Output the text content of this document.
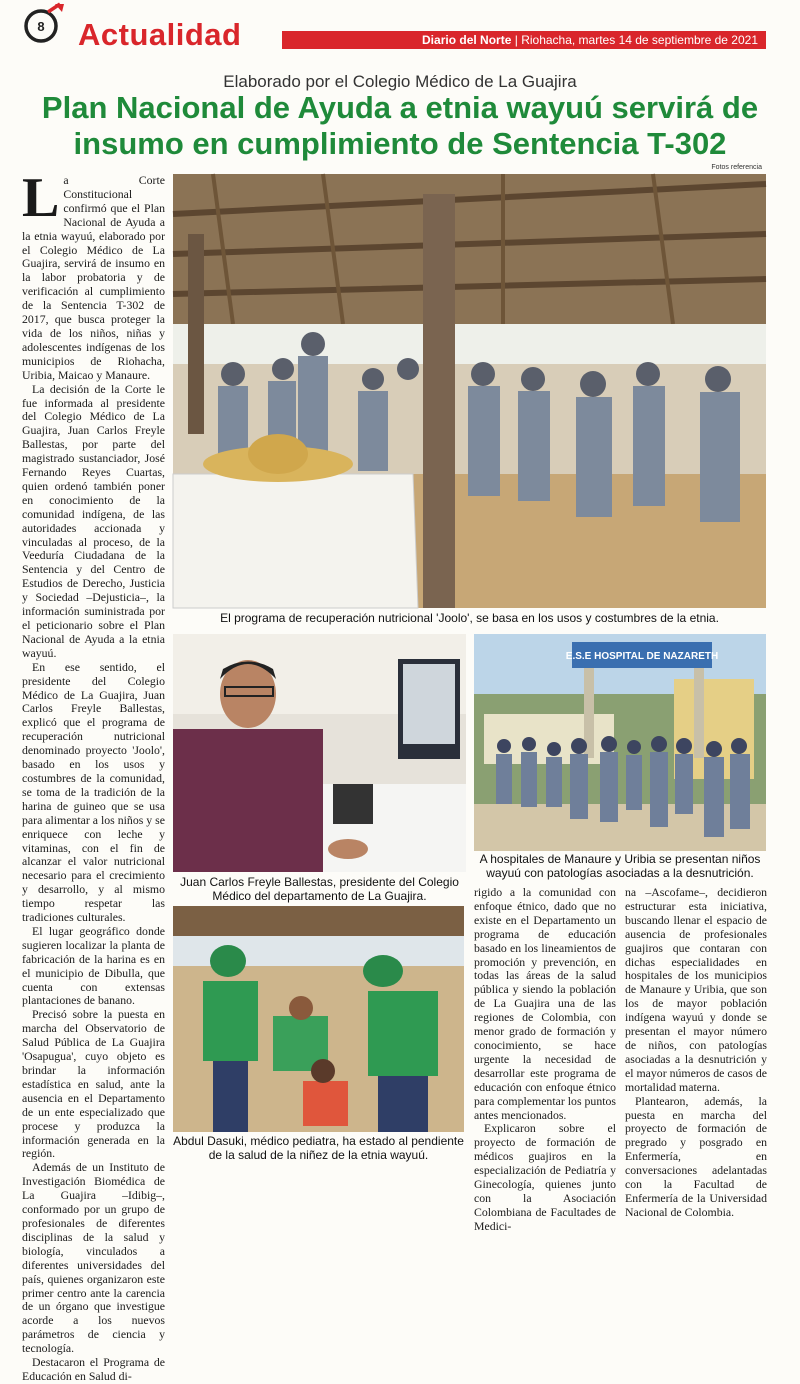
8 Actualidad	Diario del Norte | Riohacha, martes 14 de septiembre de 2021
Elaborado por el Colegio Médico de La Guajira
Plan Nacional de Ayuda a etnia wayuú servirá de
insumo en cumplimiento de Sentencia T-302
Fotos referencia

La Corte Constitucional confirmó que el Plan Nacional de Ayuda a la etnia wayuú, elaborado por el Colegio Médico de La Guajira, servirá de insumo en la labor probatoria y de verificación al cumplimiento de la Sentencia T-302 de 2017, que busca proteger la vida de los niños, niñas y adolescentes indígenas de los municipios de Riohacha, Uribia, Maicao y Manaure.

La decisión de la Corte le fue informada al presidente del Colegio Médico de La Guajira, Juan Carlos Freyle Ballestas, por parte del magistrado sustanciador, José Fernando Reyes Cuartas, quien ordenó también poner en conocimiento de la comunidad indígena, de las autoridades accionada y vinculadas al proceso, de la Veeduría Ciudadana de la Sentencia y del Centro de Estudios de Derecho, Justicia y Sociedad –Dejusticia–, la información suministrada por el peticionario sobre el Plan Nacional de Ayuda a la etnia wayuú.

En ese sentido, el presidente del Colegio Médico de La Guajira, Juan Carlos Freyle Ballestas, explicó que el programa de recuperación nutricional denominado proyecto 'Joolo', basado en los usos y costumbres de la comunidad, se toma de la tradición de la harina de guineo que se usa para alimentar a los niños y se enriquece con leche y vitaminas, con el fin de alcanzar el valor nutricional necesario para el crecimiento y desarrollo, y al mismo tiempo respetar las tradiciones culturales.

El lugar geográfico donde sugieren localizar la planta de fabricación de la harina es en el municipio de Dibulla, que cuenta con extensas plantaciones de banano.

Precisó sobre la puesta en marcha del Observatorio de Salud Pública de La Guajira 'Osapugua', cuyo objeto es brindar la información estadística en salud, ante la ausencia en el Departamento de un ente especializado que procese y produzca la información generada en la región.

Además de un Instituto de Investigación Biomédica de La Guajira –Idibig–, conformado por un grupo de profesionales de diferentes disciplinas de la salud y biología, vinculados a diferentes universidades del país, quienes organizaron este primer centro ante la carencia de un órgano que investigue acorde a los nuevos parámetros de ciencia y tecnología.

Destacaron el Programa de Educación en Salud di-

El programa de recuperación nutricional 'Joolo', se basa en los usos y costumbres de la etnia.
Juan Carlos Freyle Ballestas, presidente del Colegio Médico del departamento de La Guajira.
E.S.E HOSPITAL DE NAZARETH
A hospitales de Manaure y Uribia se presentan niños wayuú con patologías asociadas a la desnutrición.
Abdul Dasuki, médico pediatra, ha estado al pendiente de la salud de la niñez de la etnia wayuú.

rigido a la comunidad con enfoque étnico, dado que no existe en el Departamento un programa de educación basado en los lineamientos de promoción y prevención, en todas las áreas de la salud pública y siendo la población de La Guajira una de las regiones de Colombia, con menor grado de formación y conocimiento, se hace urgente la necesidad de desarrollar este programa de educación con enfoque étnico para complementar los puntos antes mencionados.

Explicaron sobre el proyecto de formación de médicos guajiros en la especialización de Pediatría y Ginecología, quienes junto con la Asociación Colombiana de Facultades de Medici-

na –Ascofame–, decidieron estructurar esta iniciativa, buscando llenar el espacio de ausencia de profesionales guajiros que contaran con dichas especialidades en hospitales de los municipios de Manaure y Uribia, que son los de mayor población indígena wayuú y donde se presentan el mayor número de niños, con patologías asociadas a la desnutrición y el mayor números de casos de mortalidad materna.

Plantearon, además, la puesta en marcha del proyecto de formación de pregrado y posgrado en Enfermería, en conversaciones adelantadas con la Facultad de Enfermería de la Universidad Nacional de Colombia.
